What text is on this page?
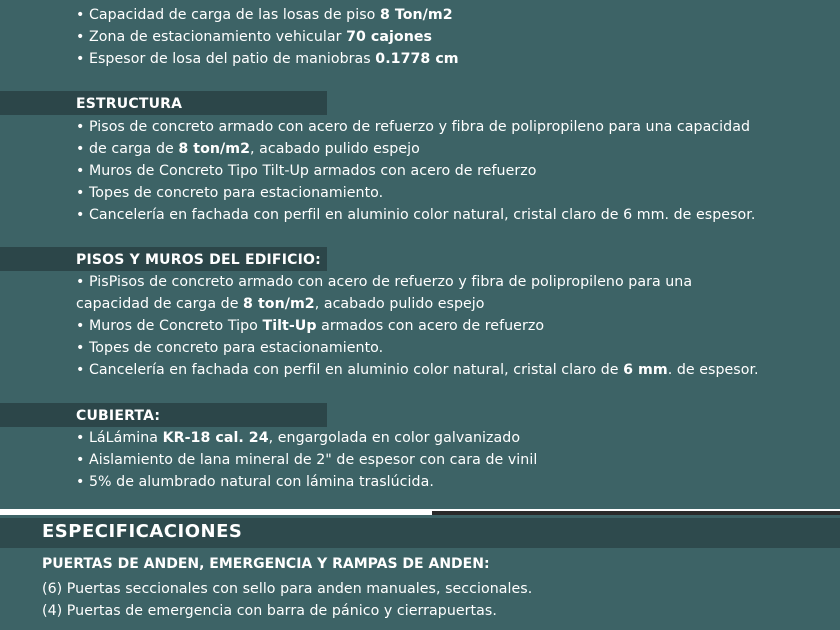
• Capacidad de carga de las losas de piso 8 Ton/m2
• Zona de estacionamiento vehicular 70 cajones
• Espesor de losa del patio de maniobras 0.1778 cm
ESTRUCTURA
• Pisos de concreto armado con acero de refuerzo y fibra de polipropileno para una capacidad
• de carga de 8 ton/m2, acabado pulido espejo
• Muros de Concreto Tipo Tilt-Up armados con acero de refuerzo
• Topes de concreto para estacionamiento.
• Cancelería en fachada con perfil en aluminio color natural, cristal claro de 6 mm. de espesor.
PISOS Y MUROS DEL EDIFICIO:
• PisPisos de concreto armado con acero de refuerzo y fibra de polipropileno para una
capacidad de carga de 8 ton/m2, acabado pulido espejo
• Muros de Concreto Tipo Tilt-Up armados con acero de refuerzo
• Topes de concreto para estacionamiento.
• Cancelería en fachada con perfil en aluminio color natural, cristal claro de 6 mm. de espesor.
CUBIERTA:
• LáLámina KR-18 cal. 24, engargolada en color galvanizado
• Aislamiento de lana mineral de 2" de espesor con cara de vinil
• 5% de alumbrado natural con lámina traslúcida.
ESPECIFICACIONES
PUERTAS DE ANDEN, EMERGENCIA Y RAMPAS DE ANDEN:
(6) Puertas seccionales con sello para anden manuales, seccionales.
(4) Puertas de emergencia con barra de pánico y cierrapuertas.
